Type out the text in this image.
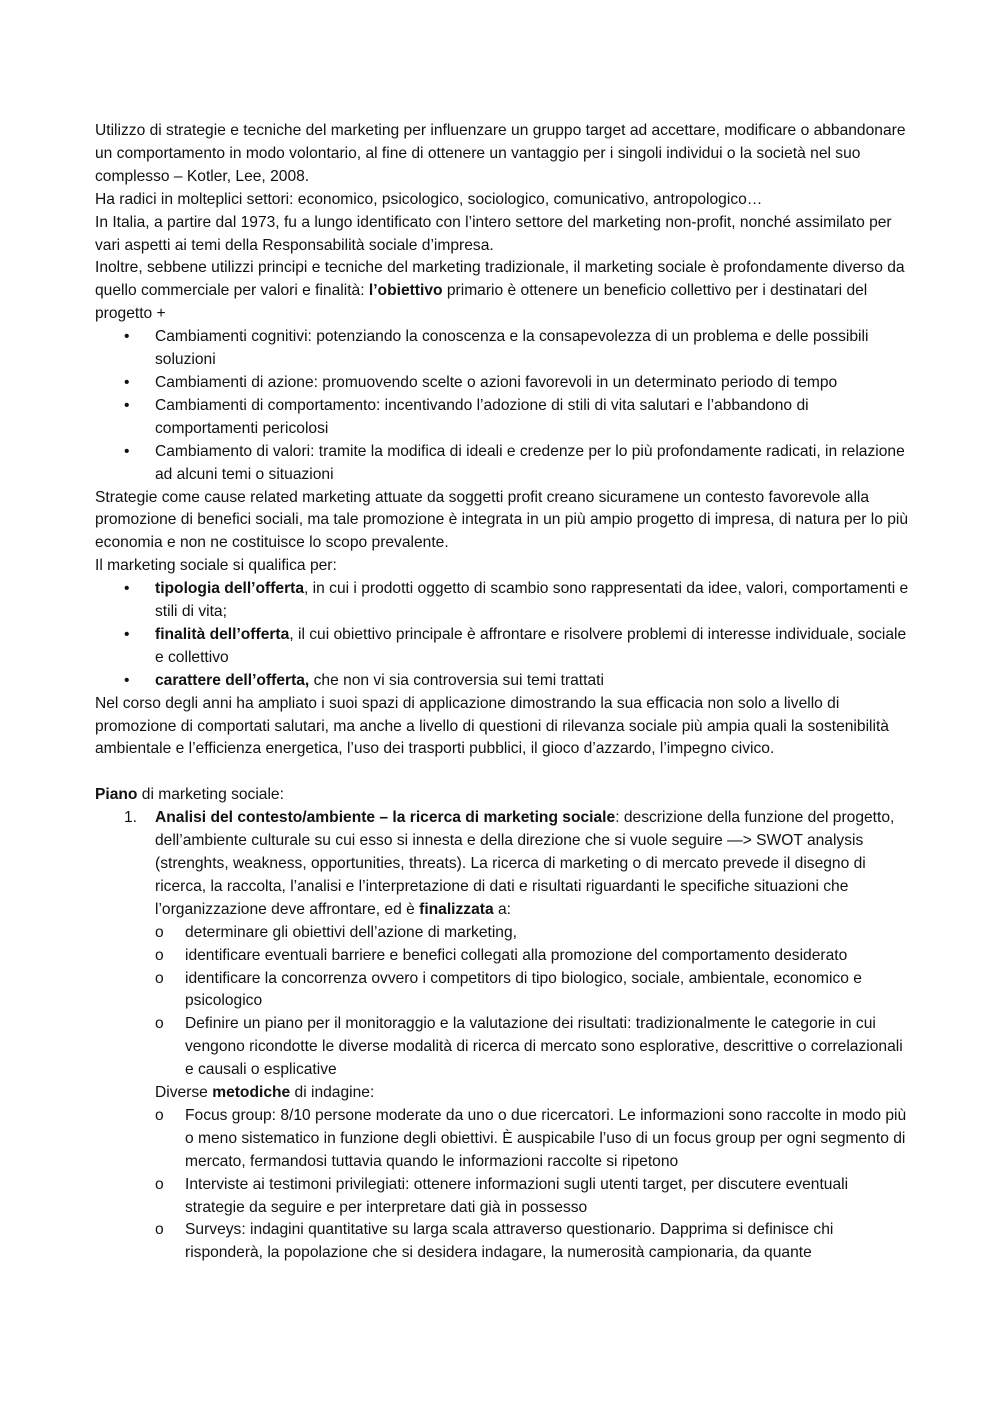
Utilizzo di strategie e tecniche del marketing per influenzare un gruppo target ad accettare, modificare o abbandonare un comportamento in modo volontario, al fine di ottenere un vantaggio per i singoli individui o la società nel suo complesso – Kotler, Lee, 2008.

Ha radici in molteplici settori: economico, psicologico, sociologico, comunicativo, antropologico…

In Italia, a partire dal 1973, fu a lungo identificato con l’intero settore del marketing non-profit, nonché assimilato per vari aspetti ai temi della Responsabilità sociale d’impresa.

Inoltre, sebbene utilizzi principi e tecniche del marketing tradizionale, il marketing sociale è profondamente diverso da quello commerciale per valori e finalità: l’obiettivo primario è ottenere un beneficio collettivo per i destinatari del progetto +

• Cambiamenti cognitivi: potenziando la conoscenza e la consapevolezza di un problema e delle possibili soluzioni
• Cambiamenti di azione: promuovendo scelte o azioni favorevoli in un determinato periodo di tempo
• Cambiamenti di comportamento: incentivando l’adozione di stili di vita salutari e l’abbandono di comportamenti pericolosi
• Cambiamento di valori: tramite la modifica di ideali e credenze per lo più profondamente radicati, in relazione ad alcuni temi o situazioni

Strategie come cause related marketing attuate da soggetti profit creano sicuramene un contesto favorevole alla promozione di benefici sociali, ma tale promozione è integrata in un più ampio progetto di impresa, di natura per lo più economia e non ne costituisce lo scopo prevalente.

Il marketing sociale si qualifica per:

• tipologia dell’offerta, in cui i prodotti oggetto di scambio sono rappresentati da idee, valori, comportamenti e stili di vita;
• finalità dell’offerta, il cui obiettivo principale è affrontare e risolvere problemi di interesse individuale, sociale e collettivo
• carattere dell’offerta, che non vi sia controversia sui temi trattati

Nel corso degli anni ha ampliato i suoi spazi di applicazione dimostrando la sua efficacia non solo a livello di promozione di comportati salutari, ma anche a livello di questioni di rilevanza sociale più ampia quali la sostenibilità ambientale e l’efficienza energetica, l’uso dei trasporti pubblici, il gioco d’azzardo, l’impegno civico.

Piano di marketing sociale:

1. Analisi del contesto/ambiente – la ricerca di marketing sociale: descrizione della funzione del progetto, dell’ambiente culturale su cui esso si innesta e della direzione che si vuole seguire —> SWOT analysis (strenghts, weakness, opportunities, threats). La ricerca di marketing o di mercato prevede il disegno di ricerca, la raccolta, l’analisi e l’interpretazione di dati e risultati riguardanti le specifiche situazioni che l’organizzazione deve affrontare, ed è finalizzata a:

o determinare gli obiettivi dell’azione di marketing,
o identificare eventuali barriere e benefici collegati alla promozione del comportamento desiderato
o identificare la concorrenza ovvero i competitors di tipo biologico, sociale, ambientale, economico e psicologico
o Definire un piano per il monitoraggio e la valutazione dei risultati: tradizionalmente le categorie in cui vengono ricondotte le diverse modalità di ricerca di mercato sono esplorative, descrittive o correlazionali e causali o esplicative

Diverse metodiche di indagine:

o Focus group: 8/10 persone moderate da uno o due ricercatori. Le informazioni sono raccolte in modo più o meno sistematico in funzione degli obiettivi. È auspicabile l’uso di un focus group per ogni segmento di mercato, fermandosi tuttavia quando le informazioni raccolte si ripetono
o Interviste ai testimoni privilegiati: ottenere informazioni sugli utenti target, per discutere eventuali strategie da seguire e per interpretare dati già in possesso
o Surveys: indagini quantitative su larga scala attraverso questionario. Dapprima si definisce chi risponderà, la popolazione che si desidera indagare, la numerosità campionaria, da quante
